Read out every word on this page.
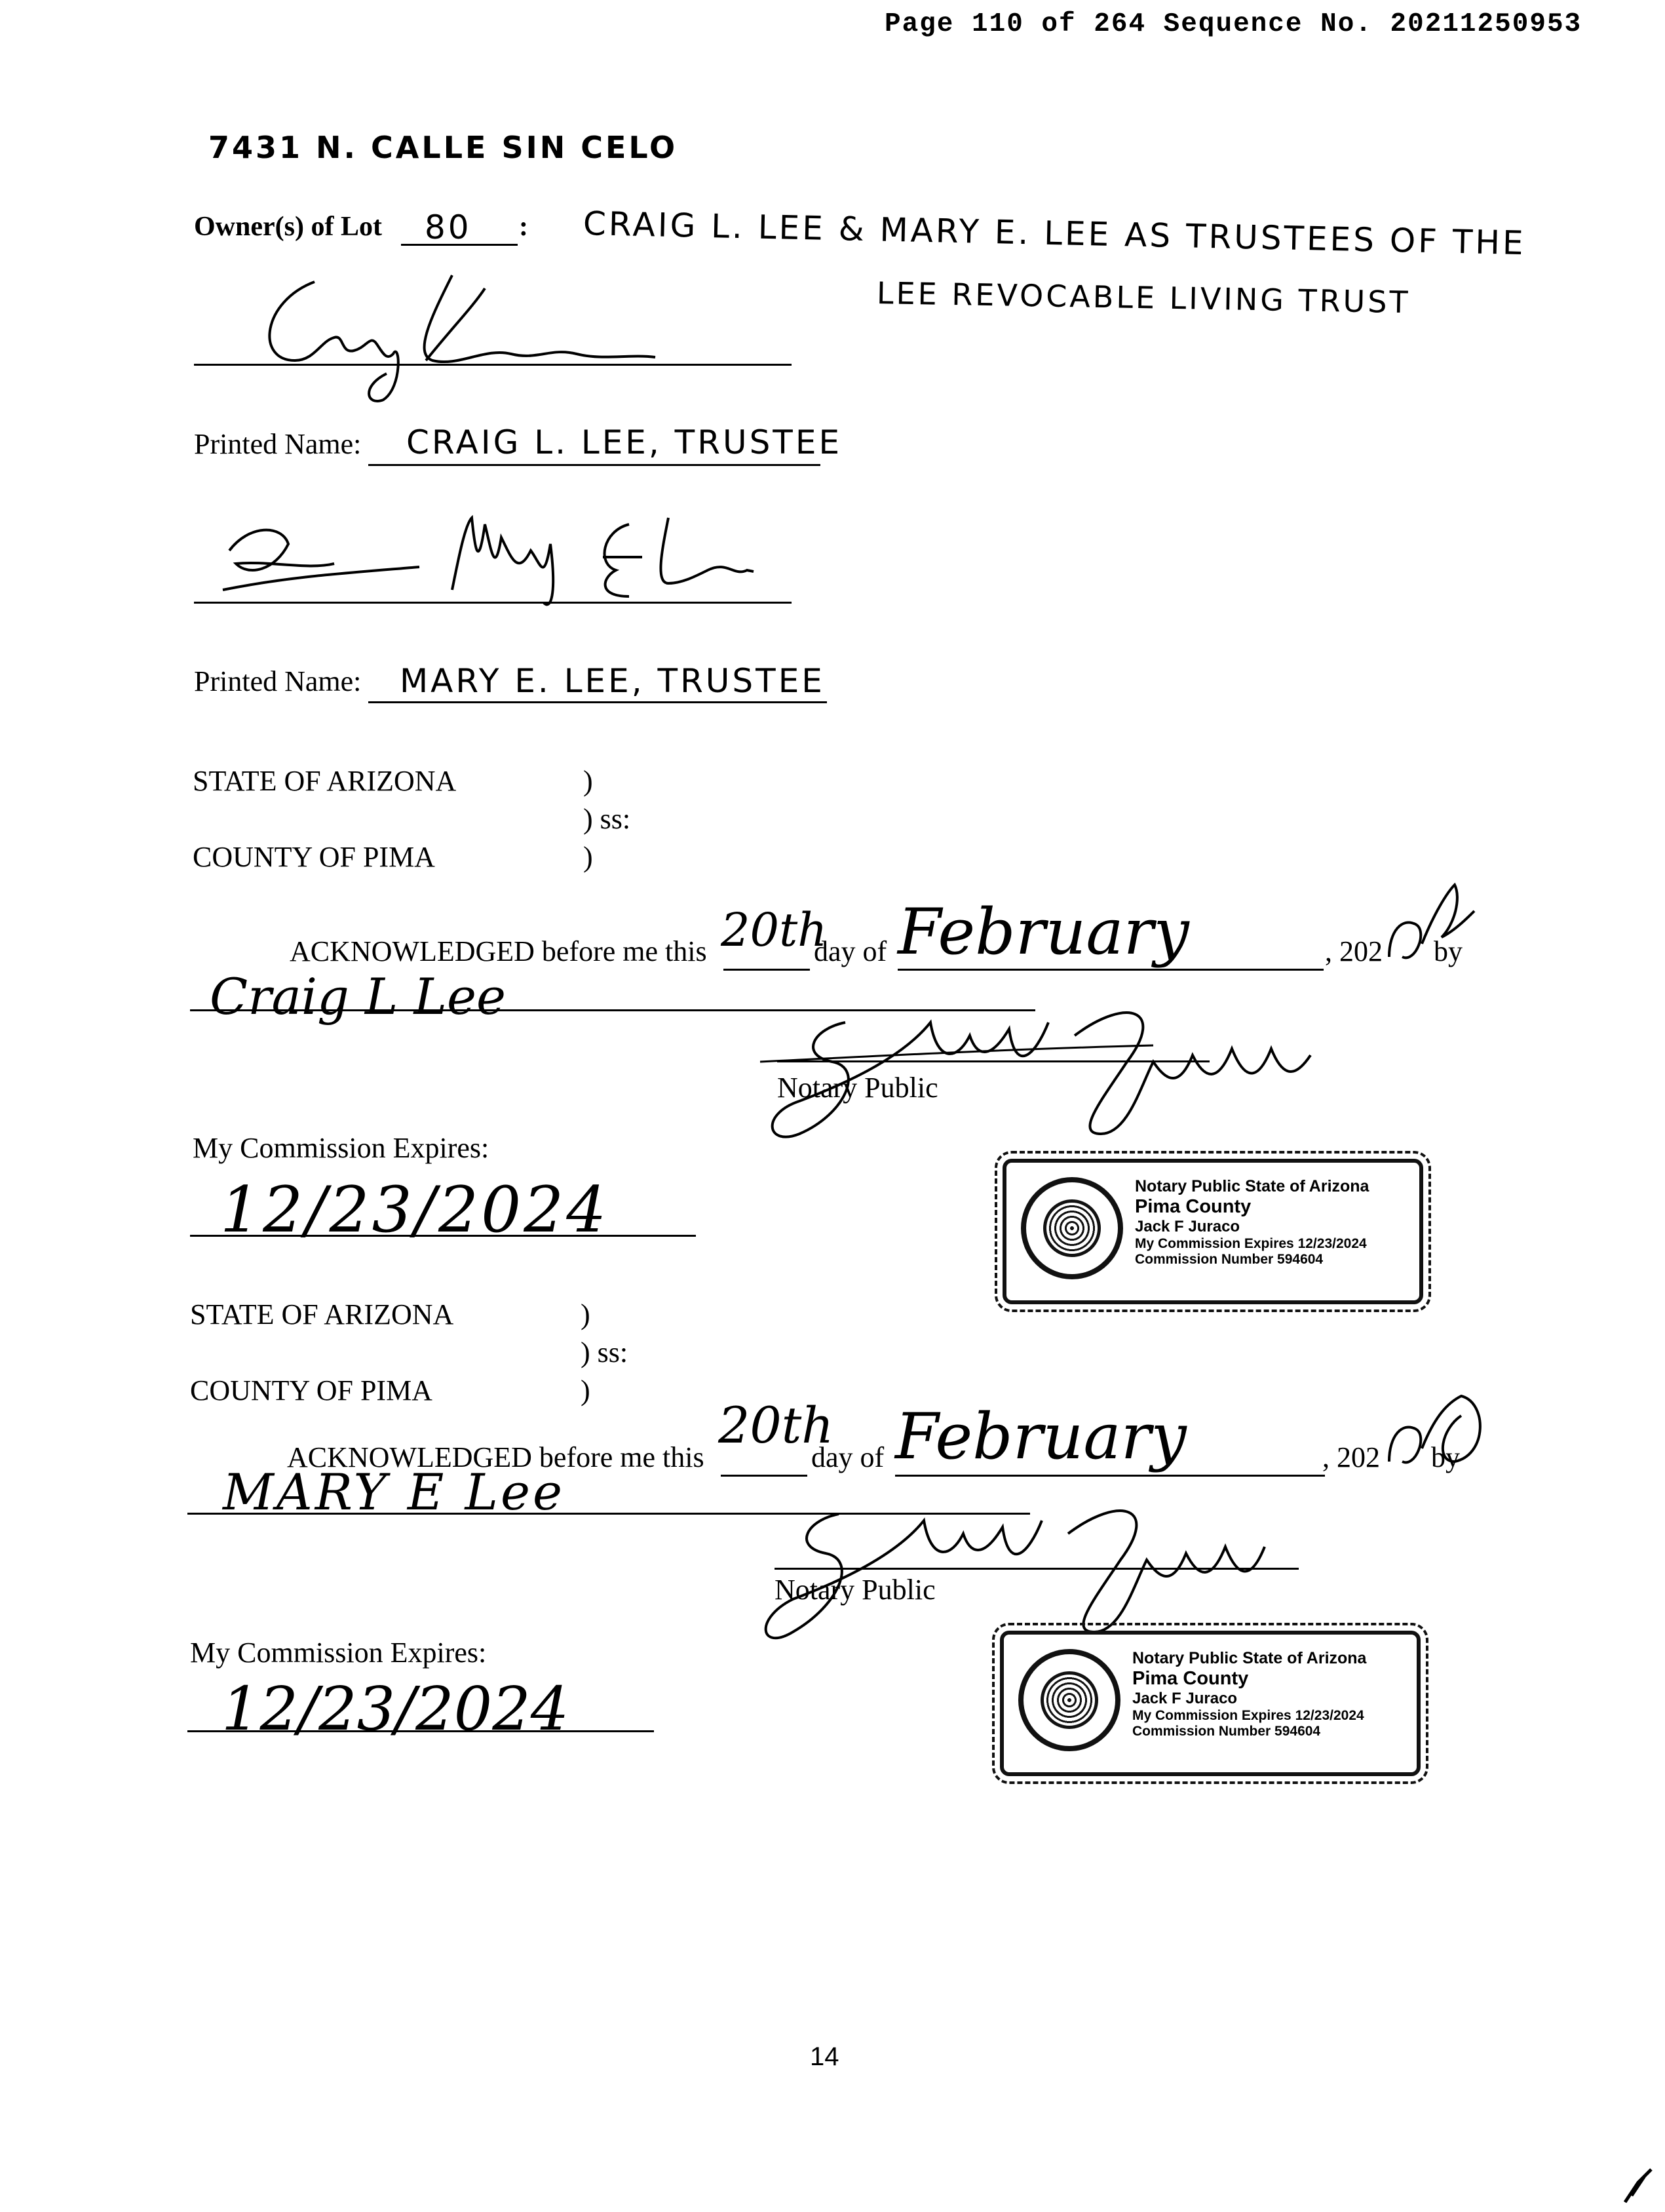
Page 110 of 264 Sequence No. 20211250953
7431 N. CALLE SIN CELO
Owner(s) of Lot 80 : CRAIG L. LEE & MARY E. LEE AS TRUSTEES OF THE
LEE REVOCABLE LIVING TRUST
Printed Name: CRAIG L. LEE, TRUSTEE
Printed Name: MARY E. LEE, TRUSTEE
STATE OF ARIZONA	)
) ss:
COUNTY OF PIMA	)
ACKNOWLEDGED before me this 20th
day of February	, 202 by
Craig L Lee
Notary Public
My Commission Expires:
12/23/2024	Notary Public State of Arizona
Pima County
Jack F Juraco
My Commission Expires 12/23/2024
Commission Number 594604
STATE OF ARIZONA	)
) ss:
COUNTY OF PIMA	)
ACKNOWLEDGED before me this
20th
day of February	, 202 by
MARY E Lee
Notary Public
My Commission Expires:
12/23/2024
Notary Public State of Arizona
Pima County
Jack F Juraco
My Commission Expires 12/23/2024
Commission Number 594604
14
